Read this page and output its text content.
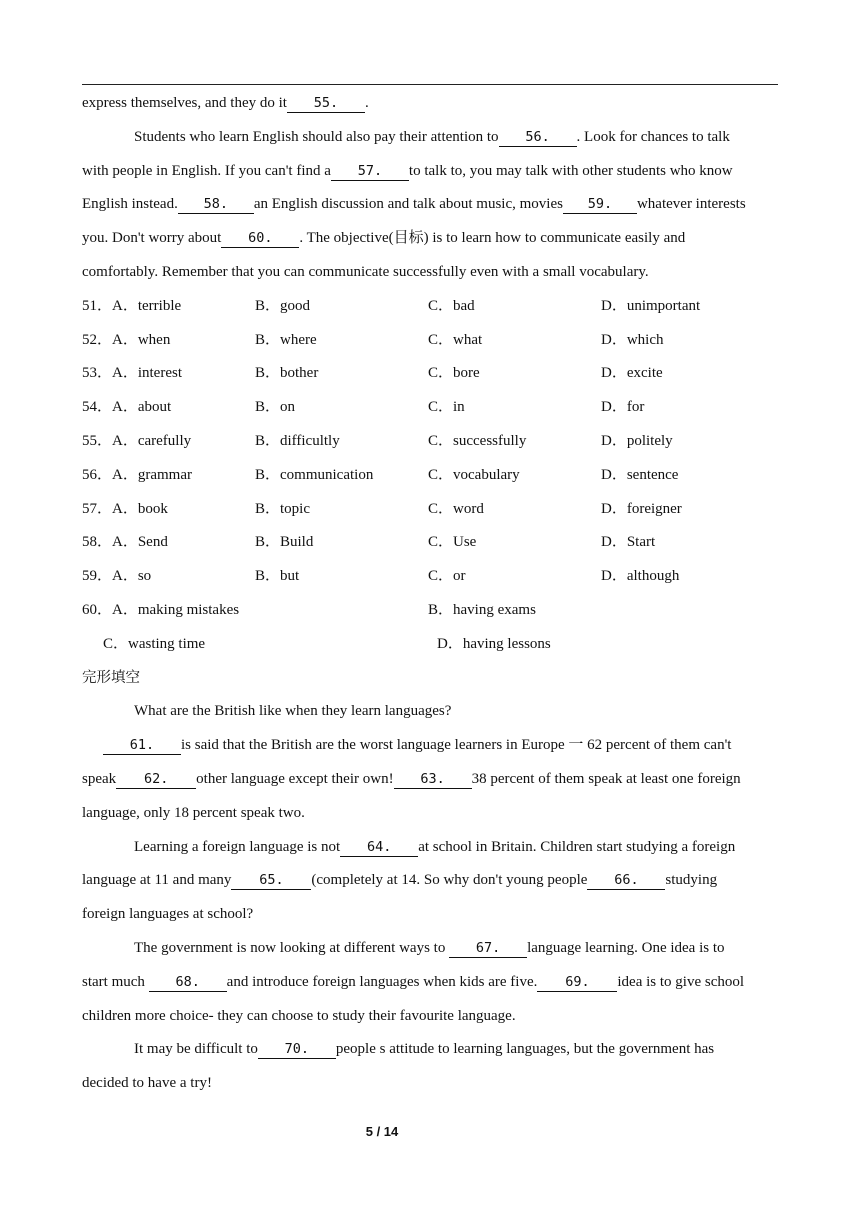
express themselves, and they do it 55. .
Students who learn English should also pay their attention to 56. . Look for chances to talk
with people in English. If you can't find a 57. to talk to, you may talk with other students who know
English instead. 58. an English discussion and talk about music, movies 59. whatever interests
you. Don't worry about 60. . The objective(目标) is to learn how to communicate easily and
comfortably. Remember that you can communicate successfully even with a small vocabulary.
51．A．terrible	B．good	C．bad	D．unimportant
52．A．when	B．where	C．what	D．which
53．A．interest	B．bother	C．bore	D．excite
54．A．about	B．on	C．in	D．for
55．A．carefully	B．difficultly	C．successfully	D．politely
56．A．grammar	B．communication	C．vocabulary	D．sentence
57．A．book	B．topic	C．word	D．foreigner
58．A．Send	B．Build	C．Use	D．Start
59．A．so	B．but	C．or	D．although
60．A．making mistakes	B．having exams
C．wasting time	D．having lessons
完形填空
What are the British like when they learn languages?
61. is said that the British are the worst language learners in Europe 一 62 percent of them can't
speak 62. other language except their own! 63. 38 percent of them speak at least one foreign
language, only 18 percent speak two.
Learning a foreign language is not 64. at school in Britain. Children start studying a foreign
language at 11 and many 65. (completely at 14. So why don't young people 66. studying
foreign languages at school?
The government is now looking at different ways to 67. language learning. One idea is to
start much 68. and introduce foreign languages when kids are five. 69. idea is to give school
children more choice- they can choose to study their favourite language.
It may be difficult to 70. people s attitude to learning languages, but the government has
decided to have a try!
5 / 14
